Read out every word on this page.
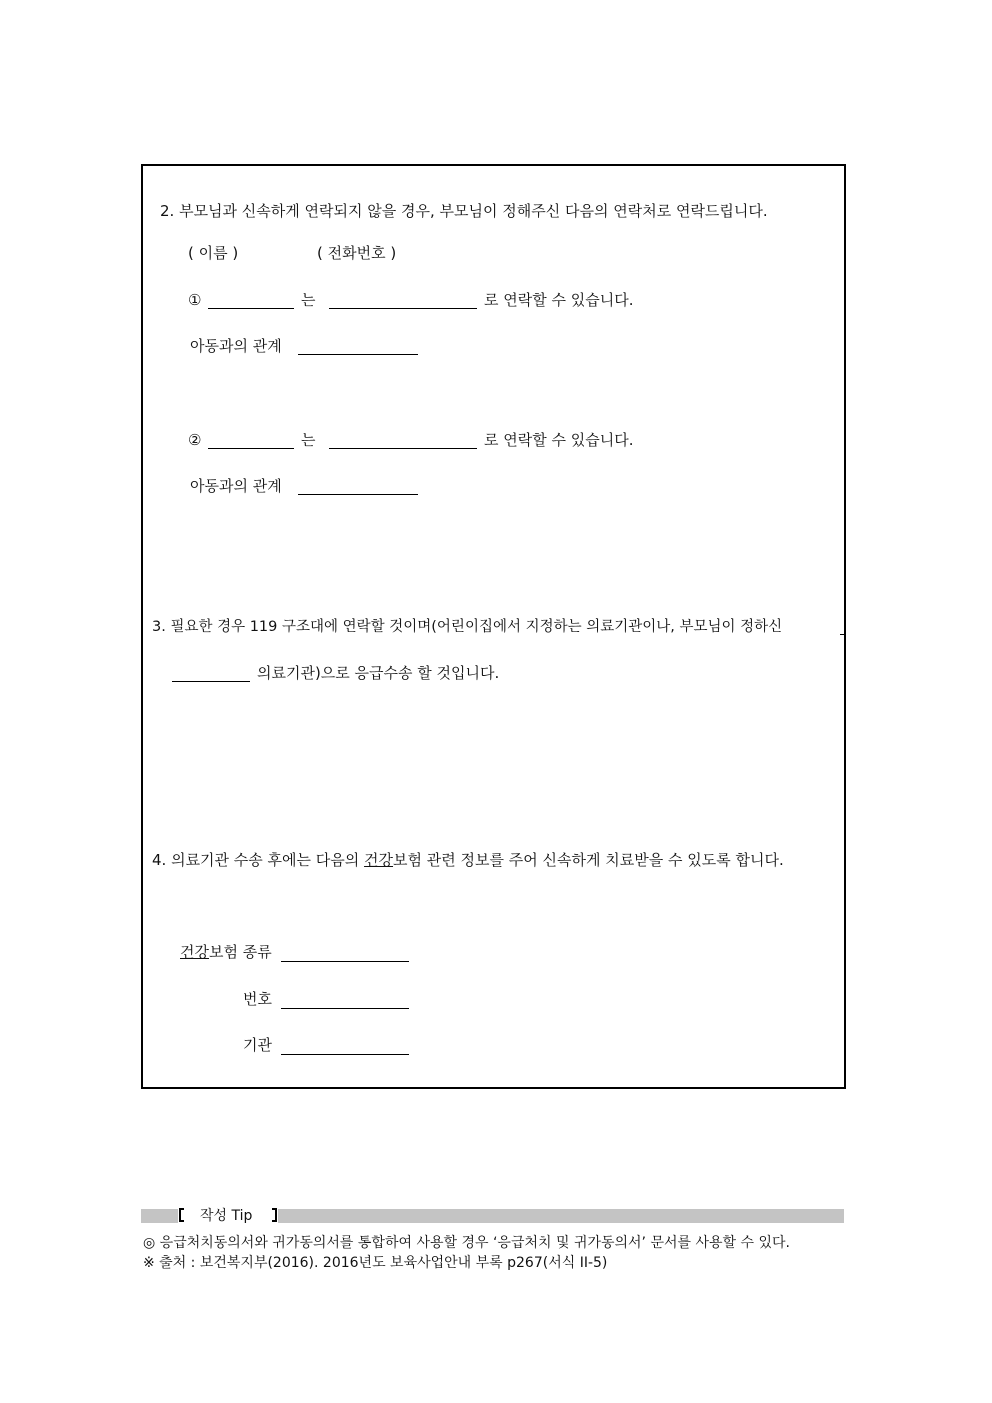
2. 부모님과 신속하게 연락되지 않을 경우, 부모님이 정해주신 다음의 연락처로 연락드립니다.
( 이름 )	( 전화번호 )
①	는	로 연락할 수 있습니다.
아동과의 관계
②	는	로 연락할 수 있습니다.
아동과의 관계
3. 필요한 경우 119 구조대에 연락할 것이며(어린이집에서 지정하는 의료기관이나, 부모님이 정하신
의료기관)으로 응급수송 할 것입니다.
4. 의료기관 수송 후에는 다음의 건강보험 관련 정보를 주어 신속하게 치료받을 수 있도록 합니다.
건강보험 종류
번호
기관
작성 Tip
◎ 응급처치동의서와 귀가동의서를 통합하여 사용할 경우 ‘응급처치 및 귀가동의서’ 문서를 사용할 수 있다.
※ 출처 : 보건복지부(2016). 2016년도 보육사업안내 부록 p267(서식 II-5)
